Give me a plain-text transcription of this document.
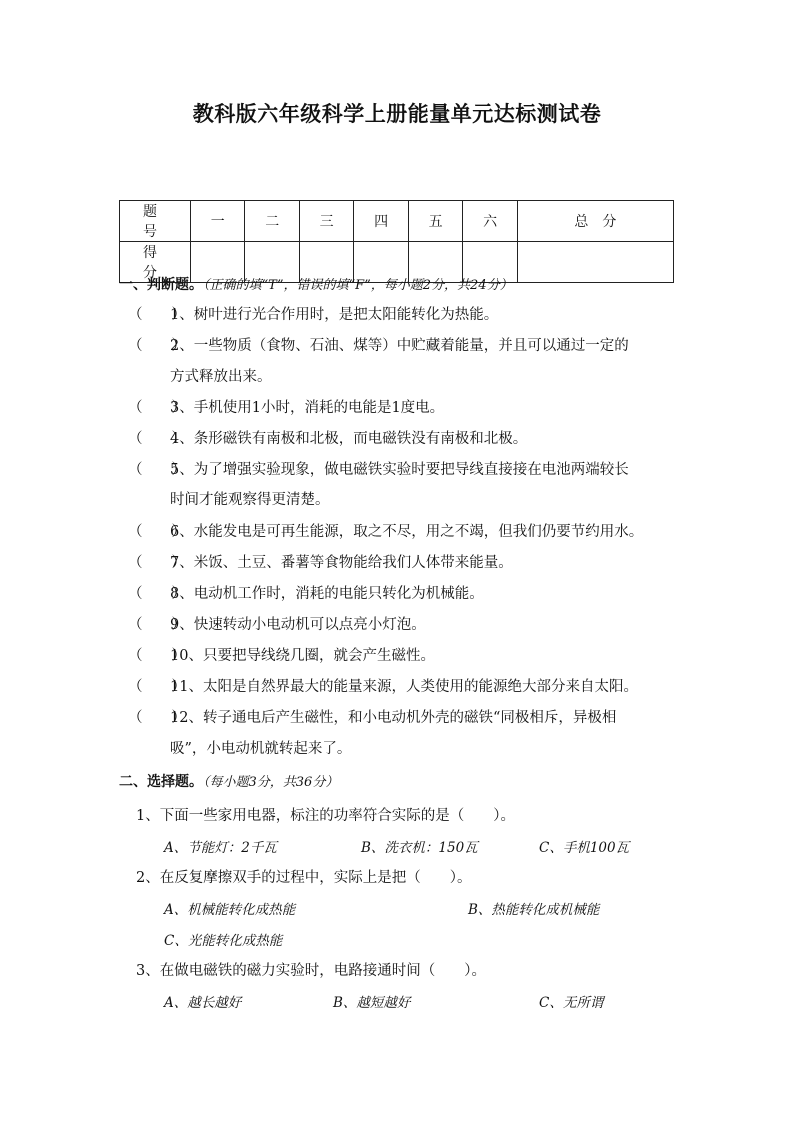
教科版六年级科学上册能量单元达标测试卷
题　号	一	二	三	四	五	六	总　分
得　分							
一、判断题。（正确的填“T”，错误的填“F”，每小题2分，共24分）
（　　）1、树叶进行光合作用时，是把太阳能转化为热能。
（　　）2、一些物质（食物、石油、煤等）中贮藏着能量，并且可以通过一定的
方式释放出来。
（　　）3、手机使用1小时，消耗的电能是1度电。
（　　）4、条形磁铁有南极和北极，而电磁铁没有南极和北极。
（　　）5、为了增强实验现象，做电磁铁实验时要把导线直接接在电池两端较长
时间才能观察得更清楚。
（　　）6、水能发电是可再生能源，取之不尽，用之不竭，但我们仍要节约用水。
（　　）7、米饭、土豆、番薯等食物能给我们人体带来能量。
（　　）8、电动机工作时，消耗的电能只转化为机械能。
（　　）9、快速转动小电动机可以点亮小灯泡。
（　　）10、只要把导线绕几圈，就会产生磁性。
（　　）11、太阳是自然界最大的能量来源，人类使用的能源绝大部分来自太阳。
（　　）12、转子通电后产生磁性，和小电动机外壳的磁铁“同极相斥，异极相
吸”，小电动机就转起来了。
二、选择题。（每小题3分，共36分）
1、下面一些家用电器，标注的功率符合实际的是（　　）。
A、节能灯：2千瓦	B、洗衣机：150瓦	C、手机100瓦
2、在反复摩擦双手的过程中，实际上是把（　　）。
A、机械能转化成热能	B、热能转化成机械能
C、光能转化成热能
3、在做电磁铁的磁力实验时，电路接通时间（　　）。
A、越长越好	B、越短越好	C、无所谓
